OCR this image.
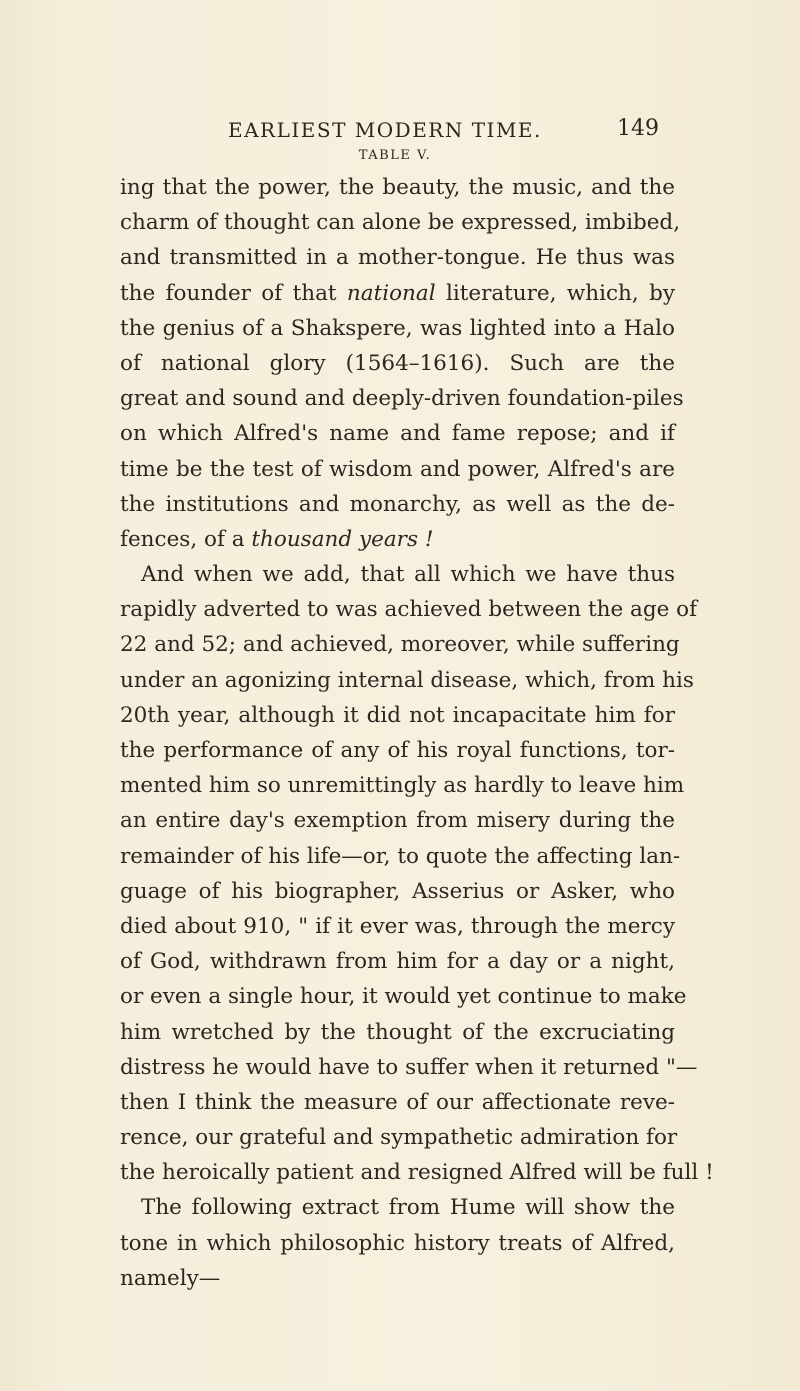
EARLIEST MODERN TIME.	149
TABLE V.
ing that the power, the beauty, the music, and the
charm of thought can alone be expressed, imbibed,
and transmitted in a mother-tongue. He thus was
the founder of that national literature, which, by
the genius of a Shakspere, was lighted into a Halo
of national glory (1564–1616). Such are the
great and sound and deeply-driven foundation-piles
on which Alfred's name and fame repose; and if
time be the test of wisdom and power, Alfred's are
the institutions and monarchy, as well as the de-
fences, of a thousand years !
And when we add, that all which we have thus
rapidly adverted to was achieved between the age of
22 and 52; and achieved, moreover, while suffering
under an agonizing internal disease, which, from his
20th year, although it did not incapacitate him for
the performance of any of his royal functions, tor-
mented him so unremittingly as hardly to leave him
an entire day's exemption from misery during the
remainder of his life—or, to quote the affecting lan-
guage of his biographer, Asserius or Asker, who
died about 910, " if it ever was, through the mercy
of God, withdrawn from him for a day or a night,
or even a single hour, it would yet continue to make
him wretched by the thought of the excruciating
distress he would have to suffer when it returned "—
then I think the measure of our affectionate reve-
rence, our grateful and sympathetic admiration for
the heroically patient and resigned Alfred will be full !
The following extract from Hume will show the
tone in which philosophic history treats of Alfred,
namely—
